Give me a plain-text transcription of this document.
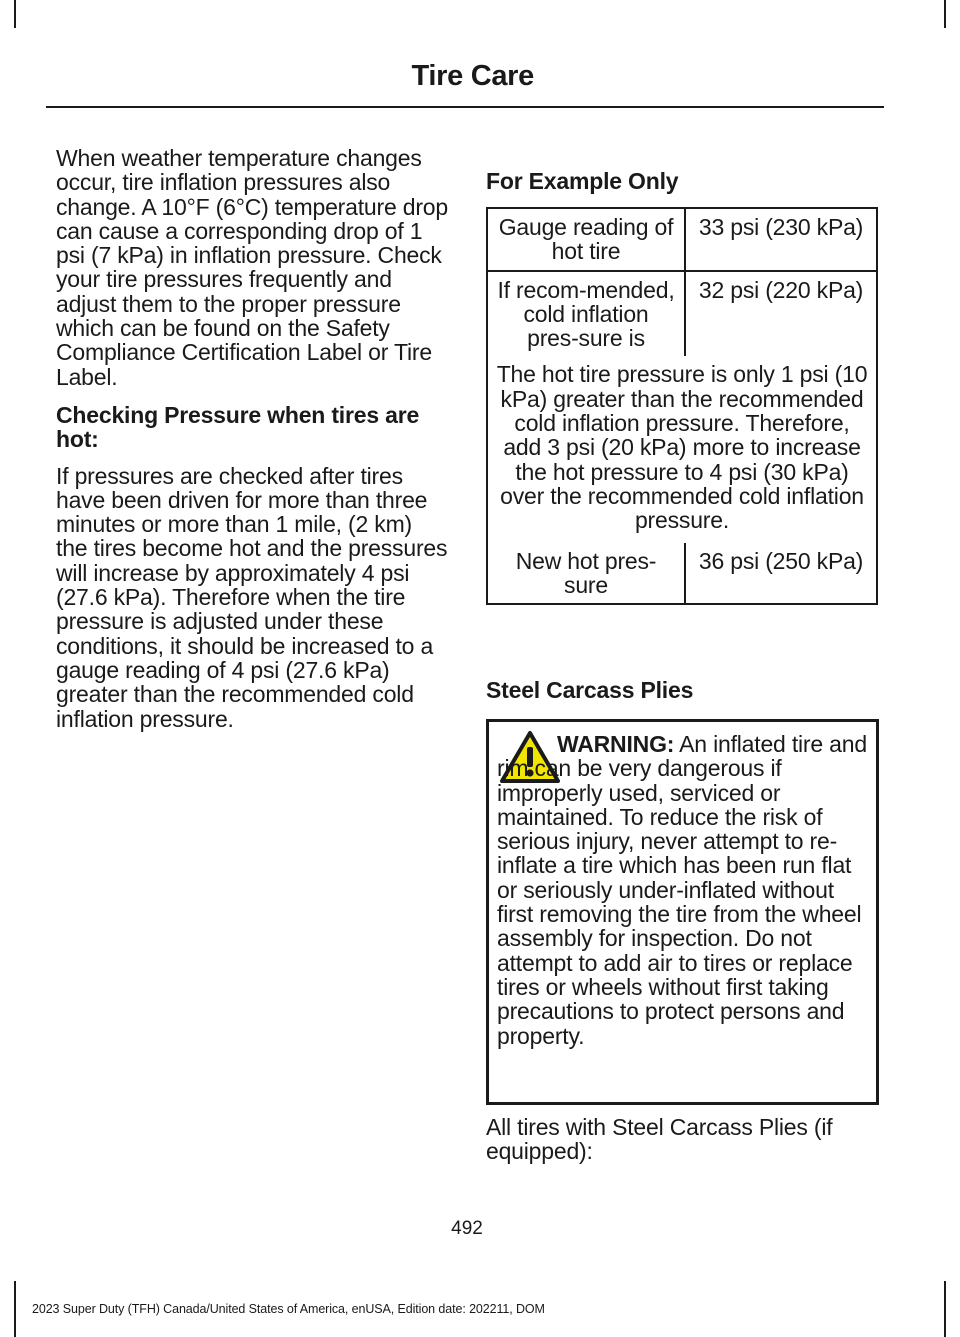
Tire Care

When weather temperature changes occur, tire inflation pressures also change. A 10°F (6°C) temperature drop can cause a corresponding drop of 1 psi (7 kPa) in inflation pressure. Check your tire pressures frequently and adjust them to the proper pressure which can be found on the Safety Compliance Certification Label or Tire Label.

Checking Pressure when tires are hot:

If pressures are checked after tires have been driven for more than three minutes or more than 1 mile, (2 km) the tires become hot and the pressures will increase by approximately 4 psi (27.6 kPa). Therefore when the tire pressure is adjusted under these conditions, it should be increased to a gauge reading of 4 psi (27.6 kPa) greater than the recommended cold inflation pressure.

For Example Only

Gauge reading of hot tire	33 psi (230 kPa)
If recom-mended, cold inflation pres-sure is	32 psi (220 kPa)
The hot tire pressure is only 1 psi (10 kPa) greater than the recommended cold inflation pressure. Therefore, add 3 psi (20 kPa) more to increase the hot pressure to 4 psi (30 kPa) over the recommended cold inflation pressure.	
New hot pres-sure	36 psi (250 kPa)

Steel Carcass Plies

WARNING: An inflated tire and rim can be very dangerous if improperly used, serviced or maintained. To reduce the risk of serious injury, never attempt to re-inflate a tire which has been run flat or seriously under-inflated without first removing the tire from the wheel assembly for inspection. Do not attempt to add air to tires or replace tires or wheels without first taking precautions to protect persons and property.

All tires with Steel Carcass Plies (if equipped):

492
2023 Super Duty (TFH) Canada/United States of America, enUSA, Edition date: 202211, DOM
